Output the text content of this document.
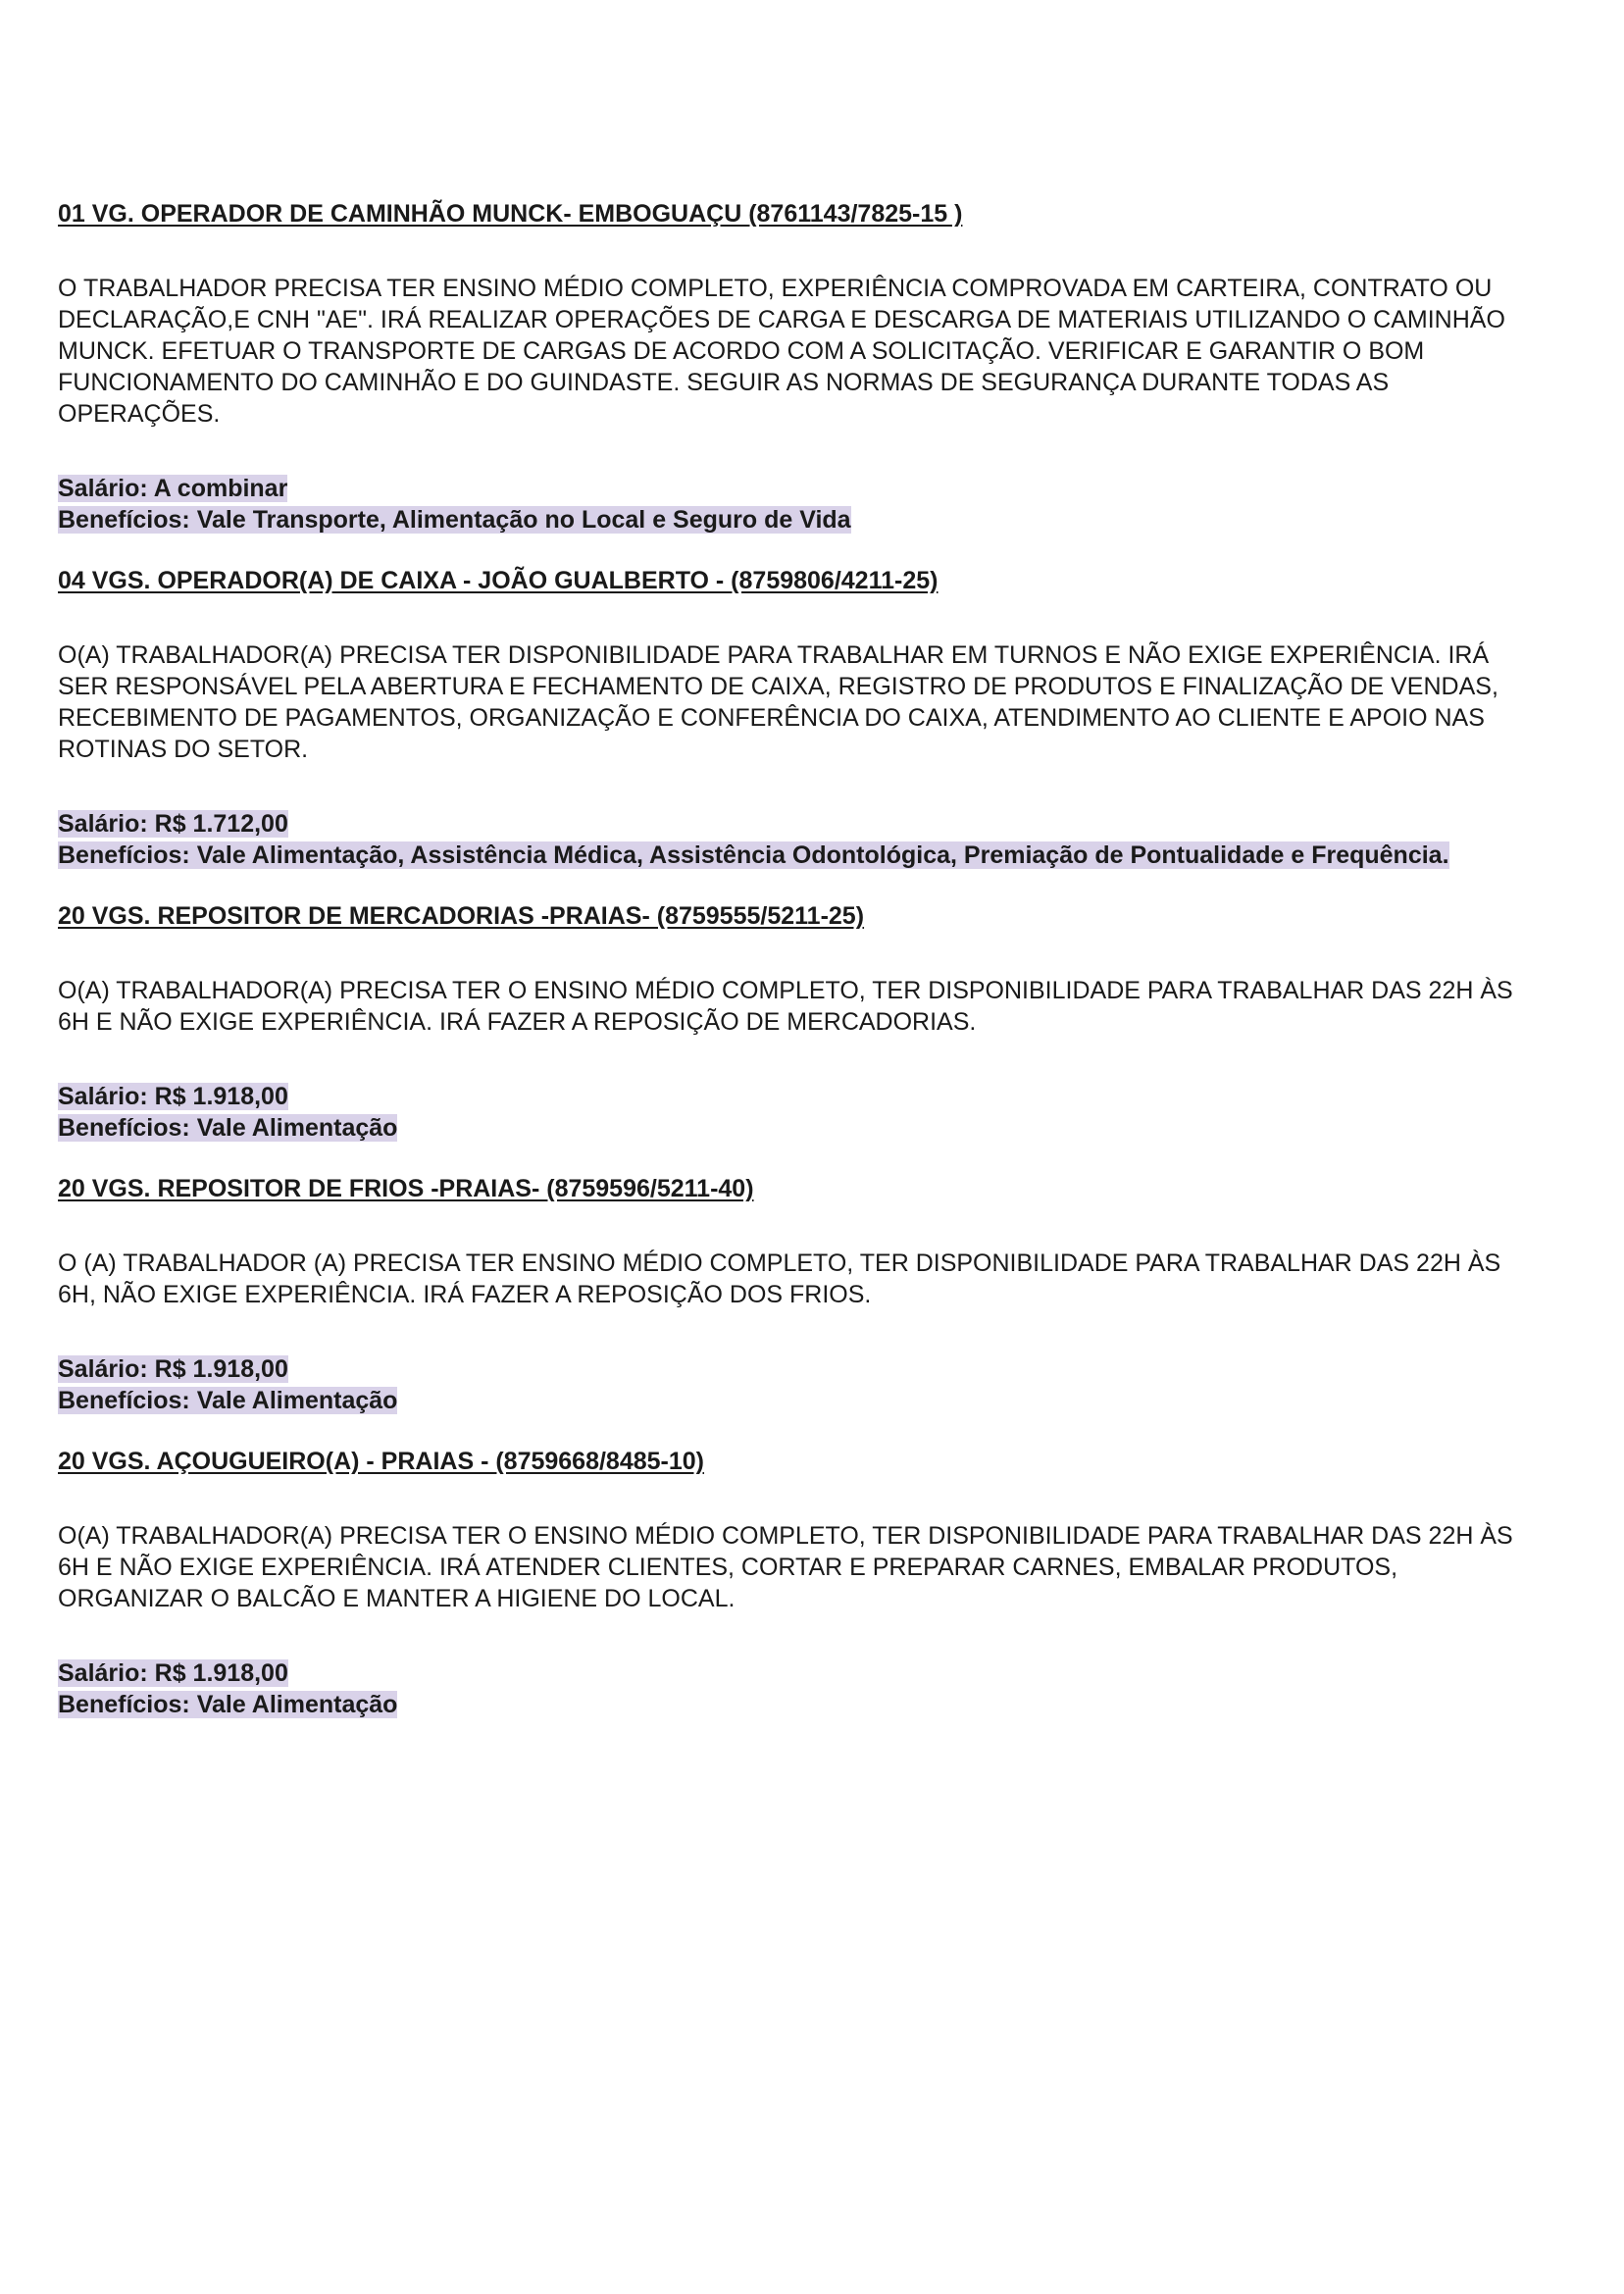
01 VG. OPERADOR DE CAMINHÃO MUNCK- EMBOGUAÇU (8761143/7825-15 )
O TRABALHADOR PRECISA TER ENSINO MÉDIO COMPLETO, EXPERIÊNCIA COMPROVADA EM CARTEIRA, CONTRATO OU DECLARAÇÃO,E CNH "AE". IRÁ REALIZAR OPERAÇÕES DE CARGA E DESCARGA DE MATERIAIS UTILIZANDO O CAMINHÃO MUNCK. EFETUAR O TRANSPORTE DE CARGAS DE ACORDO COM A SOLICITAÇÃO. VERIFICAR E GARANTIR O BOM FUNCIONAMENTO DO CAMINHÃO E DO GUINDASTE. SEGUIR AS NORMAS DE SEGURANÇA DURANTE TODAS AS OPERAÇÕES.
Salário: A combinar
Benefícios: Vale Transporte, Alimentação no Local e Seguro de Vida
04 VGS. OPERADOR(A) DE CAIXA - JOÃO GUALBERTO - (8759806/4211-25)
O(A) TRABALHADOR(A) PRECISA TER DISPONIBILIDADE PARA TRABALHAR EM TURNOS E NÃO EXIGE EXPERIÊNCIA. IRÁ SER RESPONSÁVEL PELA ABERTURA E FECHAMENTO DE CAIXA, REGISTRO DE PRODUTOS E FINALIZAÇÃO DE VENDAS, RECEBIMENTO DE PAGAMENTOS, ORGANIZAÇÃO E CONFERÊNCIA DO CAIXA, ATENDIMENTO AO CLIENTE E APOIO NAS ROTINAS DO SETOR.
Salário: R$ 1.712,00
Benefícios: Vale Alimentação, Assistência Médica, Assistência Odontológica, Premiação de Pontualidade e Frequência.
20 VGS. REPOSITOR DE MERCADORIAS -PRAIAS- (8759555/5211-25)
O(A) TRABALHADOR(A) PRECISA TER O ENSINO MÉDIO COMPLETO, TER DISPONIBILIDADE PARA TRABALHAR DAS 22H ÀS 6H E NÃO EXIGE EXPERIÊNCIA. IRÁ FAZER A REPOSIÇÃO DE MERCADORIAS.
Salário: R$ 1.918,00
Benefícios: Vale Alimentação
20 VGS. REPOSITOR DE FRIOS -PRAIAS- (8759596/5211-40)
O (A) TRABALHADOR (A) PRECISA TER ENSINO MÉDIO COMPLETO, TER DISPONIBILIDADE PARA TRABALHAR DAS 22H ÀS 6H, NÃO EXIGE EXPERIÊNCIA. IRÁ FAZER A REPOSIÇÃO DOS FRIOS.
Salário: R$ 1.918,00
Benefícios: Vale Alimentação
20 VGS. AÇOUGUEIRO(A) - PRAIAS - (8759668/8485-10)
O(A) TRABALHADOR(A) PRECISA TER O ENSINO MÉDIO COMPLETO, TER DISPONIBILIDADE PARA TRABALHAR DAS 22H ÀS 6H E NÃO EXIGE EXPERIÊNCIA. IRÁ ATENDER CLIENTES, CORTAR E PREPARAR CARNES, EMBALAR PRODUTOS, ORGANIZAR O BALCÃO E MANTER A HIGIENE DO LOCAL.
Salário: R$ 1.918,00
Benefícios: Vale Alimentação
